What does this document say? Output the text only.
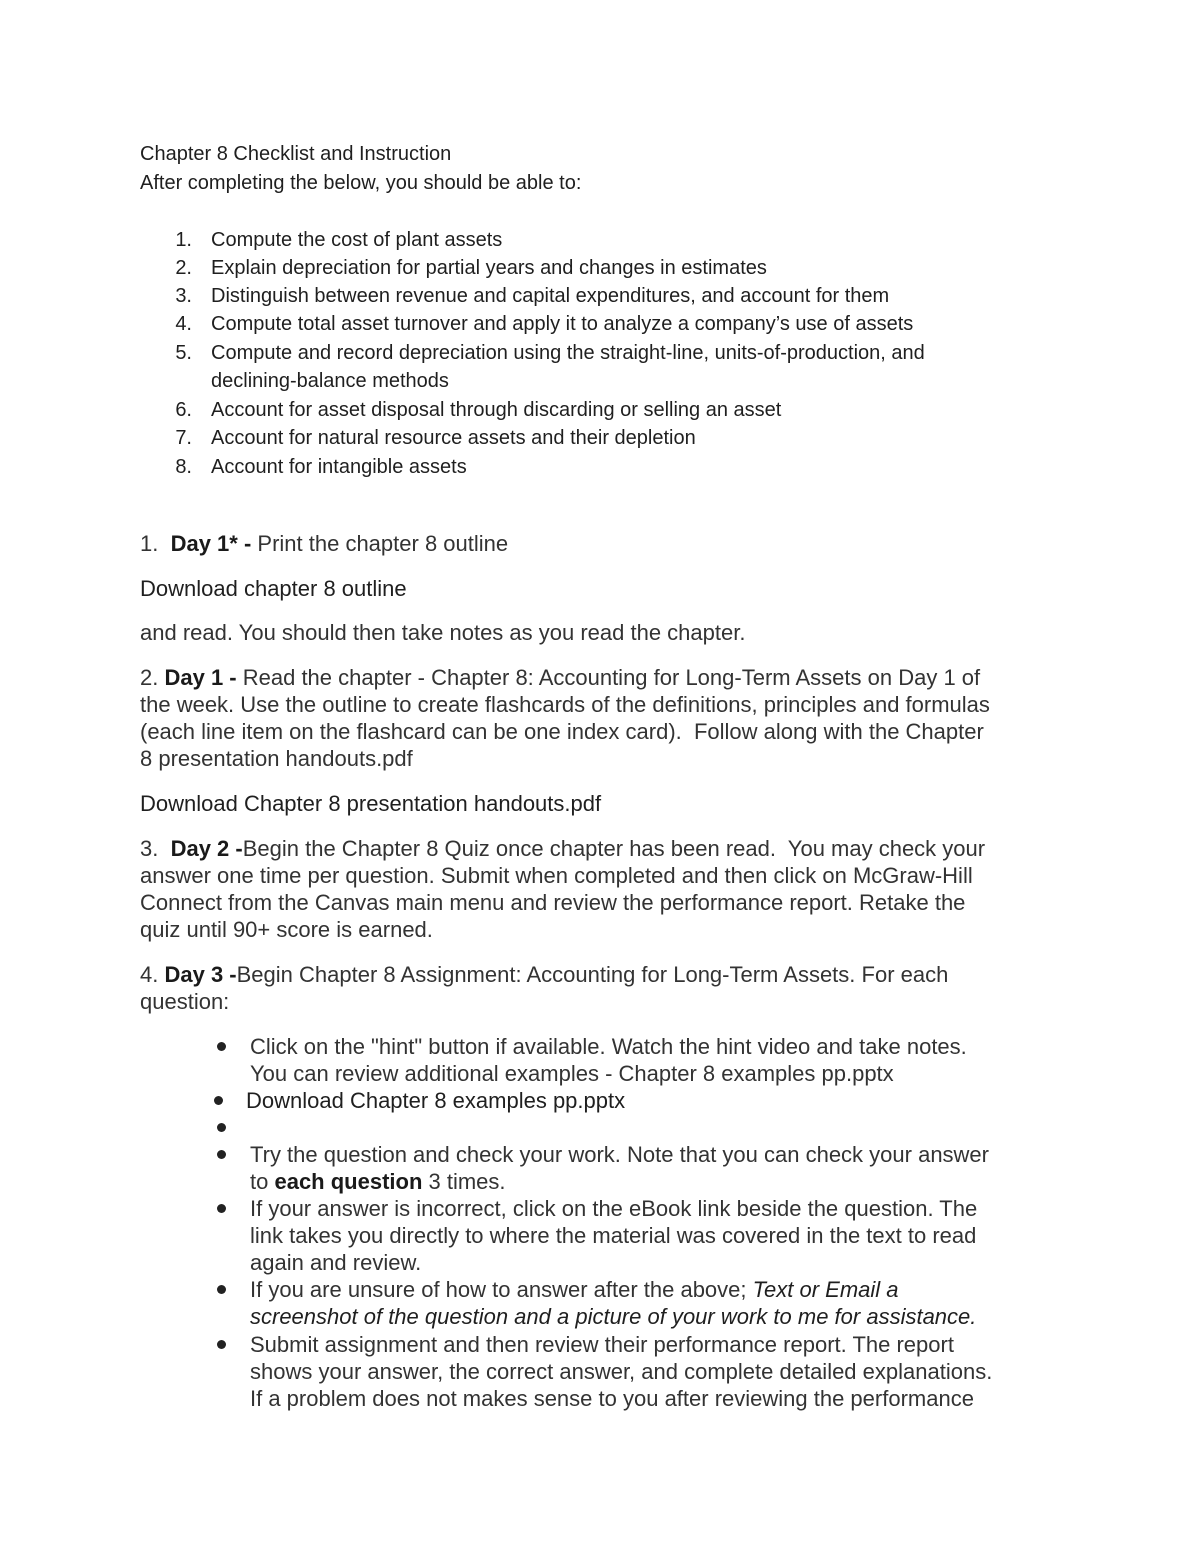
Chapter 8 Checklist and Instruction
After completing the below, you should be able to:
1. Compute the cost of plant assets
2. Explain depreciation for partial years and changes in estimates
3. Distinguish between revenue and capital expenditures, and account for them
4. Compute total asset turnover and apply it to analyze a company’s use of assets
5. Compute and record depreciation using the straight-line, units-of-production, and
declining-balance methods
6. Account for asset disposal through discarding or selling an asset
7. Account for natural resource assets and their depletion
8. Account for intangible assets
1.  Day 1* - Print the chapter 8 outline
Download chapter 8 outline
and read. You should then take notes as you read the chapter.
2. Day 1 - Read the chapter - Chapter 8: Accounting for Long-Term Assets on Day 1 of
the week. Use the outline to create flashcards of the definitions, principles and formulas
(each line item on the flashcard can be one index card).  Follow along with the Chapter
8 presentation handouts.pdf
Download Chapter 8 presentation handouts.pdf
3.  Day 2 -Begin the Chapter 8 Quiz once chapter has been read.  You may check your
answer one time per question. Submit when completed and then click on McGraw-Hill
Connect from the Canvas main menu and review the performance report. Retake the
quiz until 90+ score is earned.
4. Day 3 -Begin Chapter 8 Assignment: Accounting for Long-Term Assets. For each
question:
Click on the "hint" button if available. Watch the hint video and take notes.
You can review additional examples - Chapter 8 examples pp.pptx
Download Chapter 8 examples pp.pptx
Try the question and check your work. Note that you can check your answer
to each question 3 times.
If your answer is incorrect, click on the eBook link beside the question. The
link takes you directly to where the material was covered in the text to read
again and review.
If you are unsure of how to answer after the above; Text or Email a
screenshot of the question and a picture of your work to me for assistance.
Submit assignment and then review their performance report. The report
shows your answer, the correct answer, and complete detailed explanations.
If a problem does not makes sense to you after reviewing the performance
